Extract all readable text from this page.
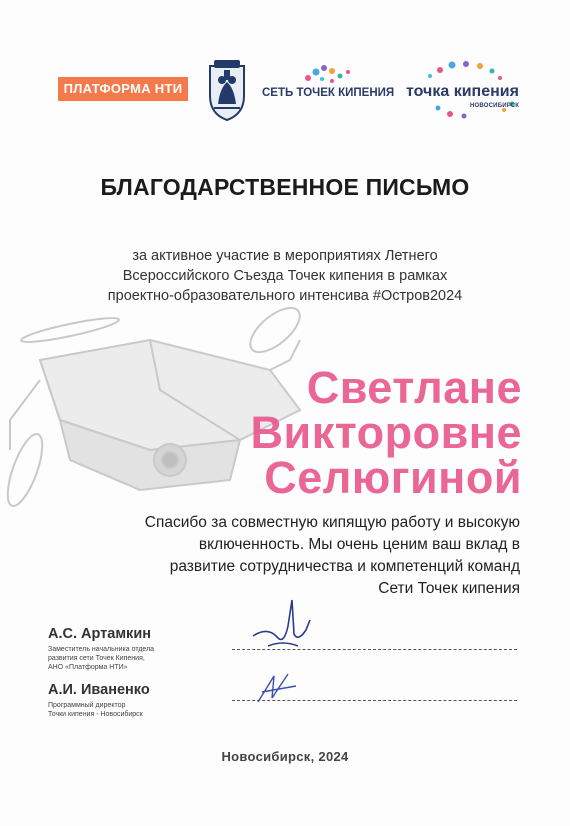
ПЛАТФОРМА НТИ	СЕТЬ ТОЧЕК КИПЕНИЯ точка кипения
НОВОСИБИРСК
БЛАГОДАРСТВЕННОЕ ПИСЬМО
за активное участие в мероприятиях Летнего
Всероссийского Съезда Точек кипения в рамках
проектно-образовательного интенсива #Остров2024
Светлане
Викторовне
Селюгиной
Спасибо за совместную кипящую работу и высокую
включенность. Мы очень ценим ваш вклад в
развитие сотрудничества и компетенций команд
Сети Точек кипения
А.С. Артамкин
Заместитель начальника отдела
развития сети Точек Кипения,
АНО «Платформа НТИ»
А.И. Иваненко
Программный директор
Точки кипения - Новосибирск
Новосибирск, 2024
